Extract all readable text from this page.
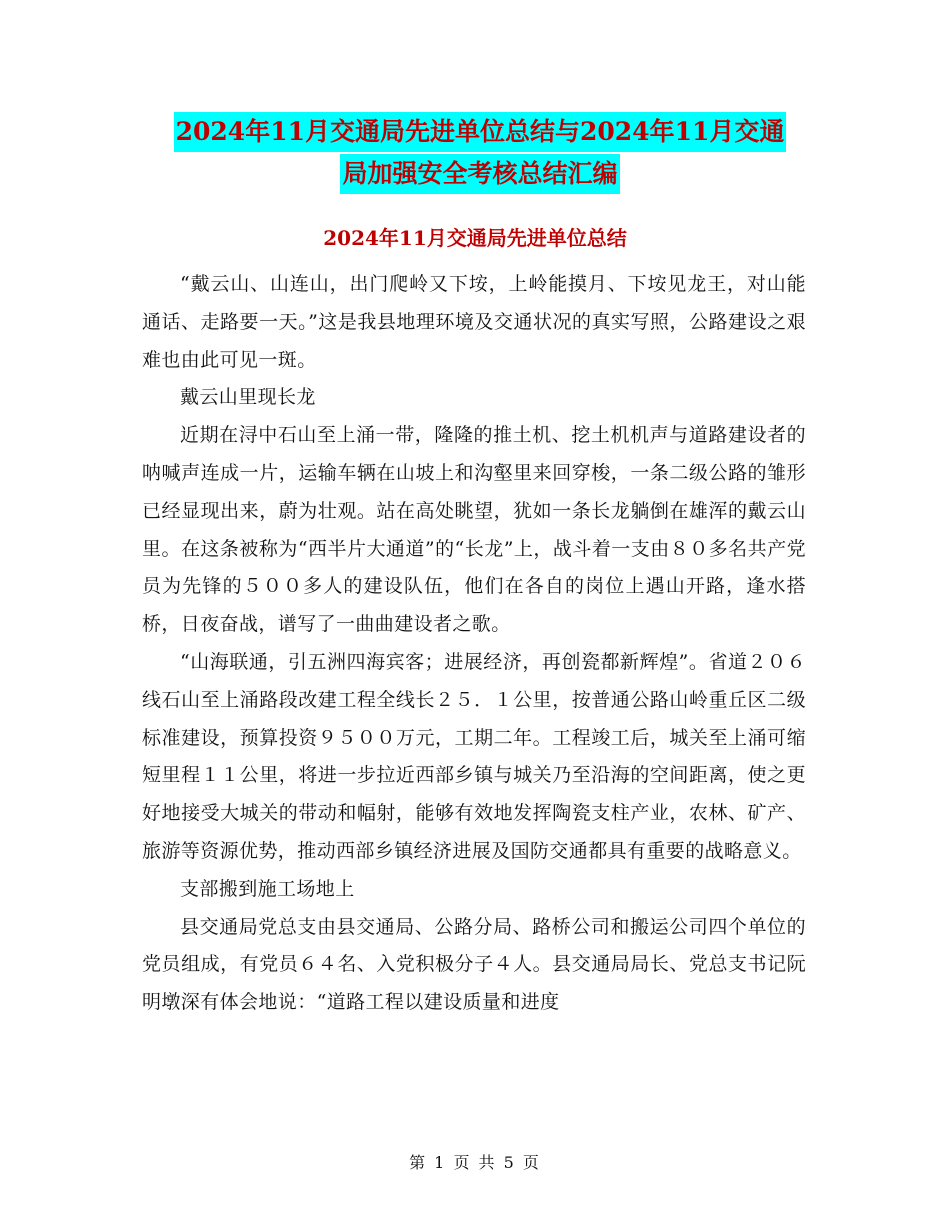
2024年11月交通局先进单位总结与2024年11月交通
局加强安全考核总结汇编
2024年11月交通局先进单位总结

“戴云山、山连山，出门爬岭又下垵，上岭能摸月、下垵见龙王，对山能通话、走路要一天。”这是我县地理环境及交通状况的真实写照，公路建设之艰难也由此可见一斑。

戴云山里现长龙

近期在浔中石山至上涌一带，隆隆的推土机、挖土机机声与道路建设者的呐喊声连成一片，运输车辆在山坡上和沟壑里来回穿梭，一条二级公路的雏形已经显现出来，蔚为壮观。站在高处眺望，犹如一条长龙躺倒在雄浑的戴云山里。在这条被称为“西半片大通道”的“长龙”上，战斗着一支由８０多名共产党员为先锋的５００多人的建设队伍，他们在各自的岗位上遇山开路，逢水搭桥，日夜奋战，谱写了一曲曲建设者之歌。

“山海联通，引五洲四海宾客；进展经济，再创瓷都新辉煌”。省道２０６线石山至上涌路段改建工程全线长２５．１公里，按普通公路山岭重丘区二级标准建设，预算投资９５００万元，工期二年。工程竣工后，城关至上涌可缩短里程１１公里，将进一步拉近西部乡镇与城关乃至沿海的空间距离，使之更好地接受大城关的带动和幅射，能够有效地发挥陶瓷支柱产业，农林、矿产、旅游等资源优势，推动西部乡镇经济进展及国防交通都具有重要的战略意义。

支部搬到施工场地上

县交通局党总支由县交通局、公路分局、路桥公司和搬运公司四个单位的党员组成，有党员６４名、入党积极分子４人。县交通局局长、党总支书记阮明墩深有体会地说：“道路工程以建设质量和进度

第 1 页 共 5 页
